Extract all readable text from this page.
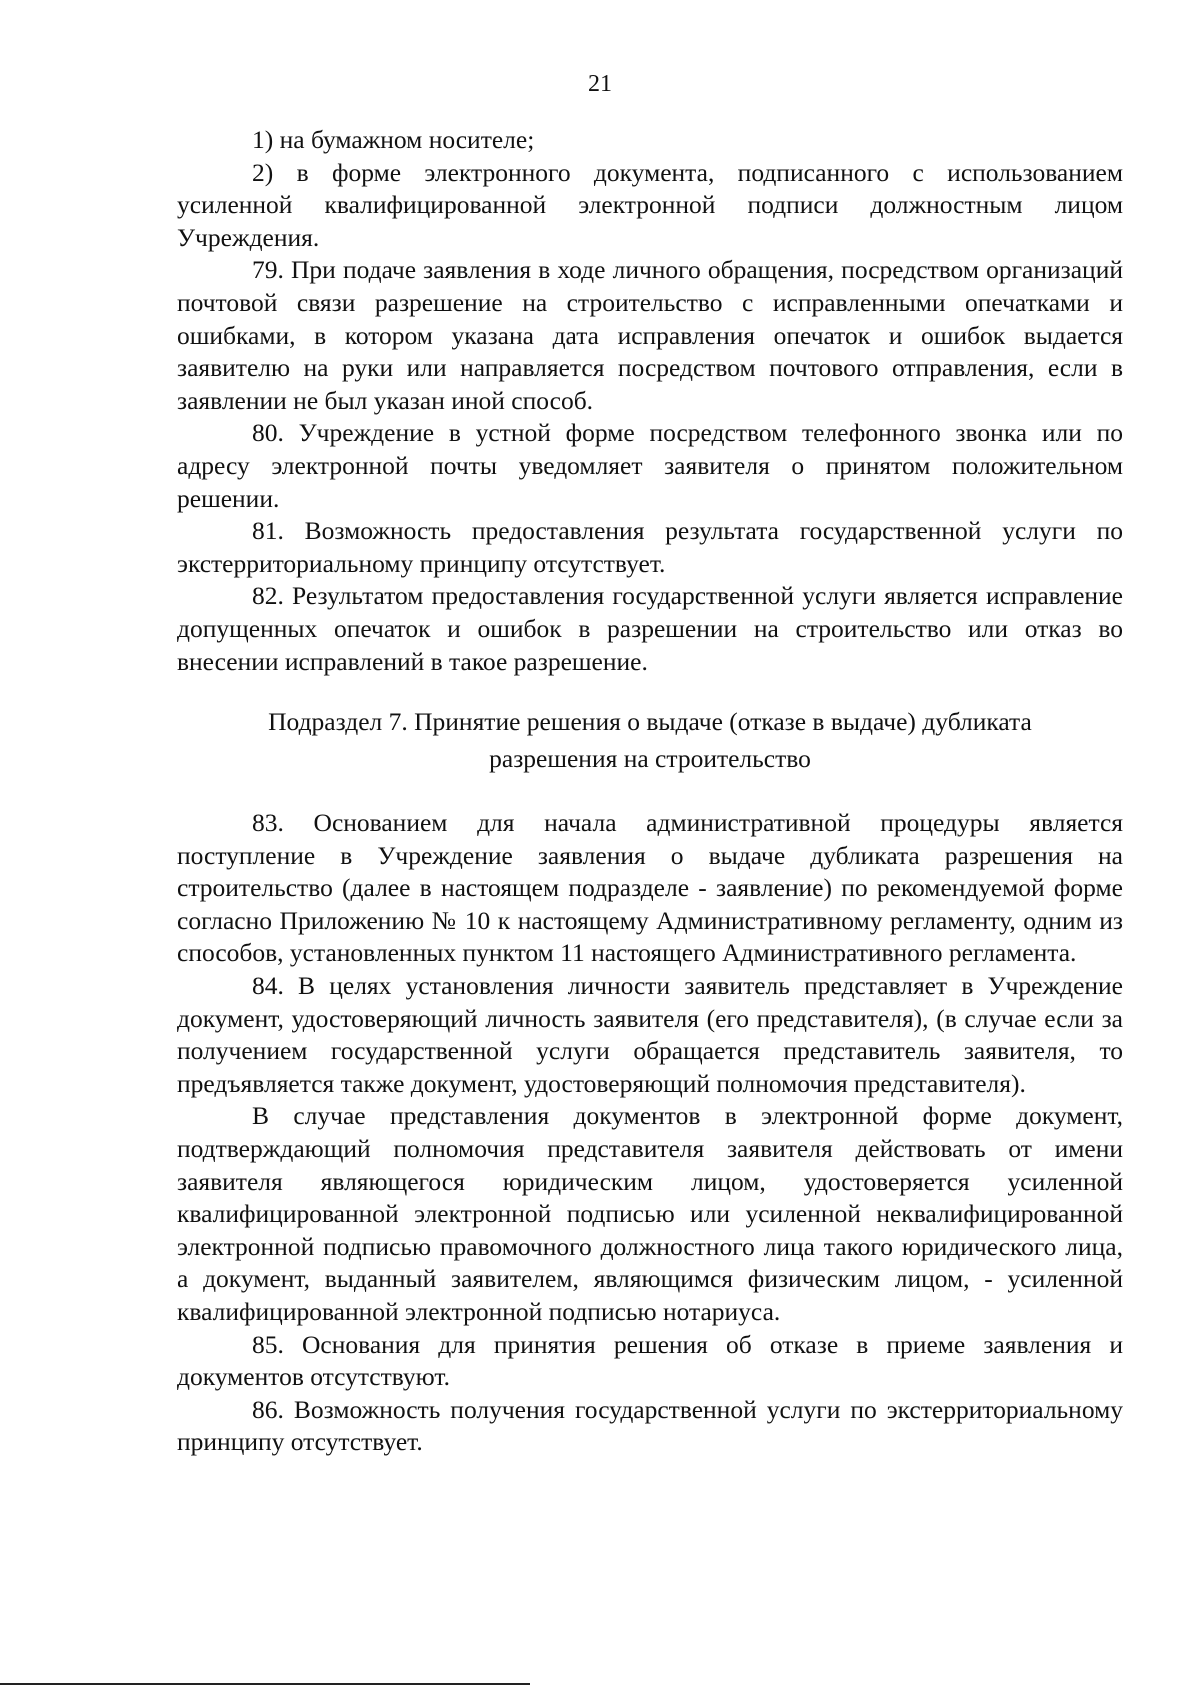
21

1) на бумажном носителе;

2) в форме электронного документа, подписанного с использованием усиленной квалифицированной электронной подписи должностным лицом Учреждения.

79. При подаче заявления в ходе личного обращения, посредством организаций почтовой связи разрешение на строительство с исправленными опечатками и ошибками, в котором указана дата исправления опечаток и ошибок выдается заявителю на руки или направляется посредством почтового отправления, если в заявлении не был указан иной способ.

80. Учреждение в устной форме посредством телефонного звонка или по адресу электронной почты уведомляет заявителя о принятом положительном решении.

81. Возможность предоставления результата государственной услуги по экстерриториальному принципу отсутствует.

82. Результатом предоставления государственной услуги является исправление допущенных опечаток и ошибок в разрешении на строительство или отказ во внесении исправлений в такое разрешение.

Подраздел 7. Принятие решения о выдаче (отказе в выдаче) дубликата
разрешения на строительство

83. Основанием для начала административной процедуры является поступление в Учреждение заявления о выдаче дубликата разрешения на строительство (далее в настоящем подразделе - заявление) по рекомендуемой форме согласно Приложению № 10 к настоящему Административному регламенту, одним из способов, установленных пунктом 11 настоящего Административного регламента.

84. В целях установления личности заявитель представляет в Учреждение документ, удостоверяющий личность заявителя (его представителя), (в случае если за получением государственной услуги обращается представитель заявителя, то предъявляется также документ, удостоверяющий полномочия представителя).

В случае представления документов в электронной форме документ, подтверждающий полномочия представителя заявителя действовать от имени заявителя являющегося юридическим лицом, удостоверяется усиленной квалифицированной электронной подписью или усиленной неквалифицированной электронной подписью правомочного должностного лица такого юридического лица, а документ, выданный заявителем, являющимся физическим лицом, - усиленной квалифицированной электронной подписью нотариуса.

85. Основания для принятия решения об отказе в приеме заявления и документов отсутствуют.

86. Возможность получения государственной услуги по экстерриториальному принципу отсутствует.
